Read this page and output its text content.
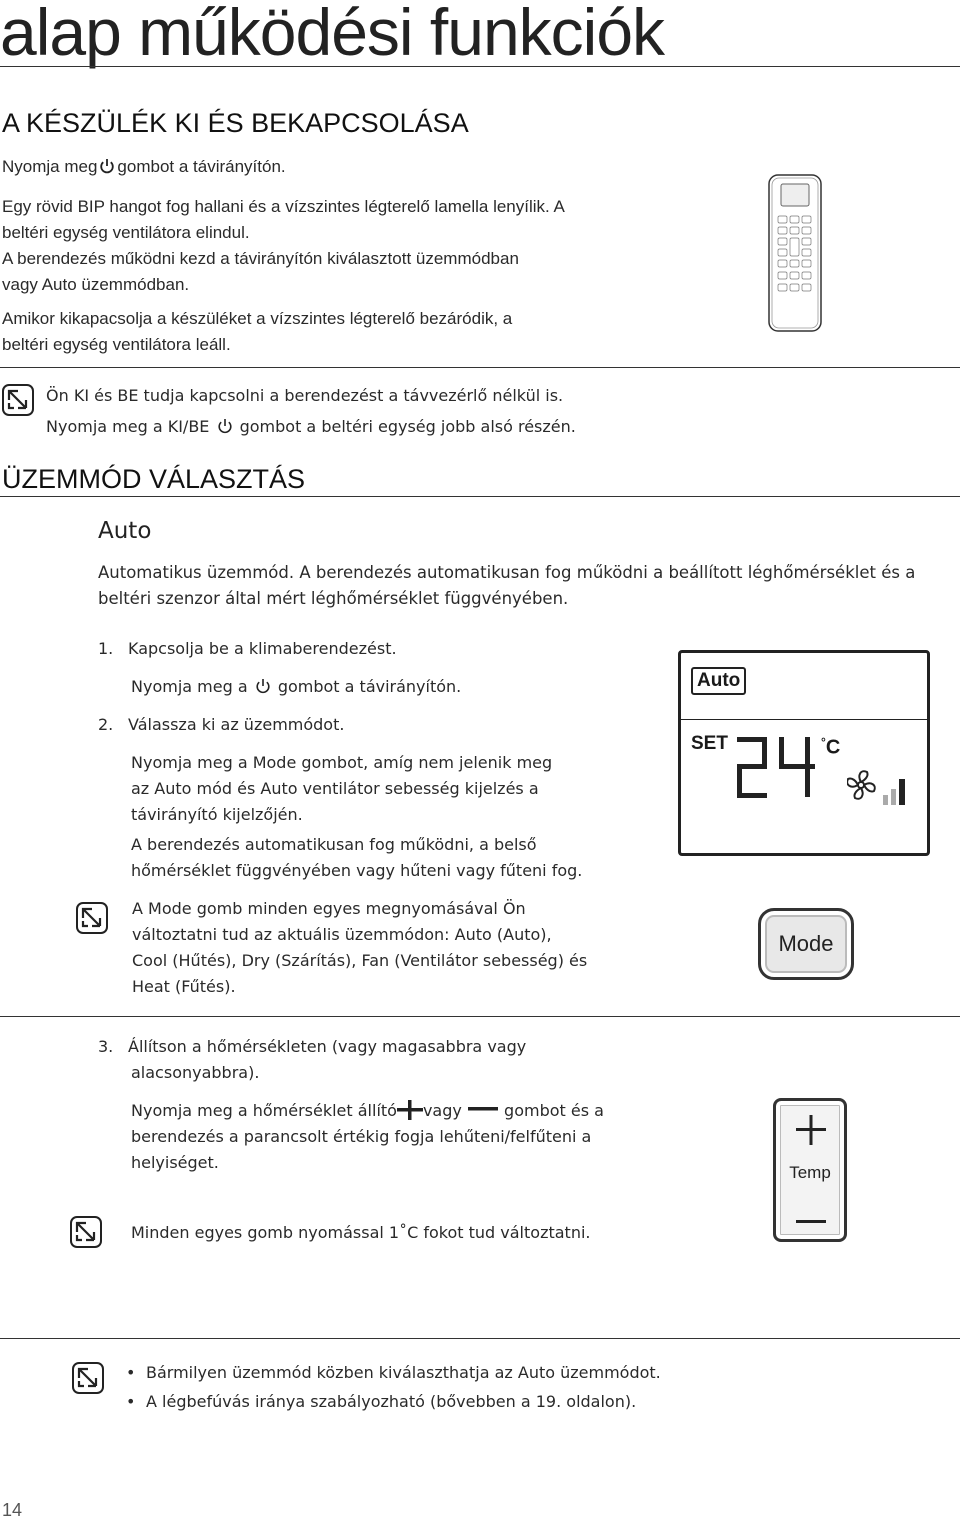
alap működési funkciók
A KÉSZÜLÉK KI ÉS BEKAPCSOLÁSA
Nyomja meg gombot a távirányítón.
Egy rövid BIP hangot fog hallani és a vízszintes légterelő lamella lenyílik. A
beltéri egység ventilátora elindul.
A berendezés működni kezd a távirányítón kiválasztott üzemmódban
vagy Auto üzemmódban.
Amikor kikapacsolja a készüléket a vízszintes légterelő bezáródik, a
beltéri egység ventilátora leáll.
Ön KI és BE tudja kapcsolni a berendezést a távvezérlő nélkül is.
Nyomja meg a KI/BE gombot a beltéri egység jobb alsó részén.
ÜZEMMÓD VÁLASZTÁS
Auto
Automatikus üzemmód. A berendezés automatikusan fog működni a beállított léghőmérséklet és a
beltéri szenzor által mért léghőmérséklet függvényében.
1. Kapcsolja be a klimaberendezést.
Nyomja meg a gombot a távirányítón.
2. Válassza ki az üzemmódot.
Nyomja meg a Mode gombot, amíg nem jelenik meg
az Auto mód és Auto ventilátor sebesség kijelzés a
távirányító kijelzőjén.
A berendezés automatikusan fog működni, a belső
hőmérséklet függvényében vagy hűteni vagy fűteni fog.
Auto
SET	°C
A Mode gomb minden egyes megnyomásával Ön
változtatni tud az aktuális üzemmódon: Auto (Auto),
Cool (Hűtés), Dry (Szárítás), Fan (Ventilátor sebesség) és
Heat (Fűtés).
Mode
3. Állítson a hőmérsékleten (vagy magasabbra vagy
alacsonyabbra).
Nyomja meg a hőmérséklet állító vagy	gombot és a
berendezés a parancsolt értékig fogja lehűteni/felfűteni a
helyiséget.
Temp
Minden egyes gomb nyomással 1˚C fokot tud változtatni.
• Bármilyen üzemmód közben kiválaszthatja az Auto üzemmódot.
• A légbefúvás iránya szabályozható (bővebben a 19. oldalon).
14
